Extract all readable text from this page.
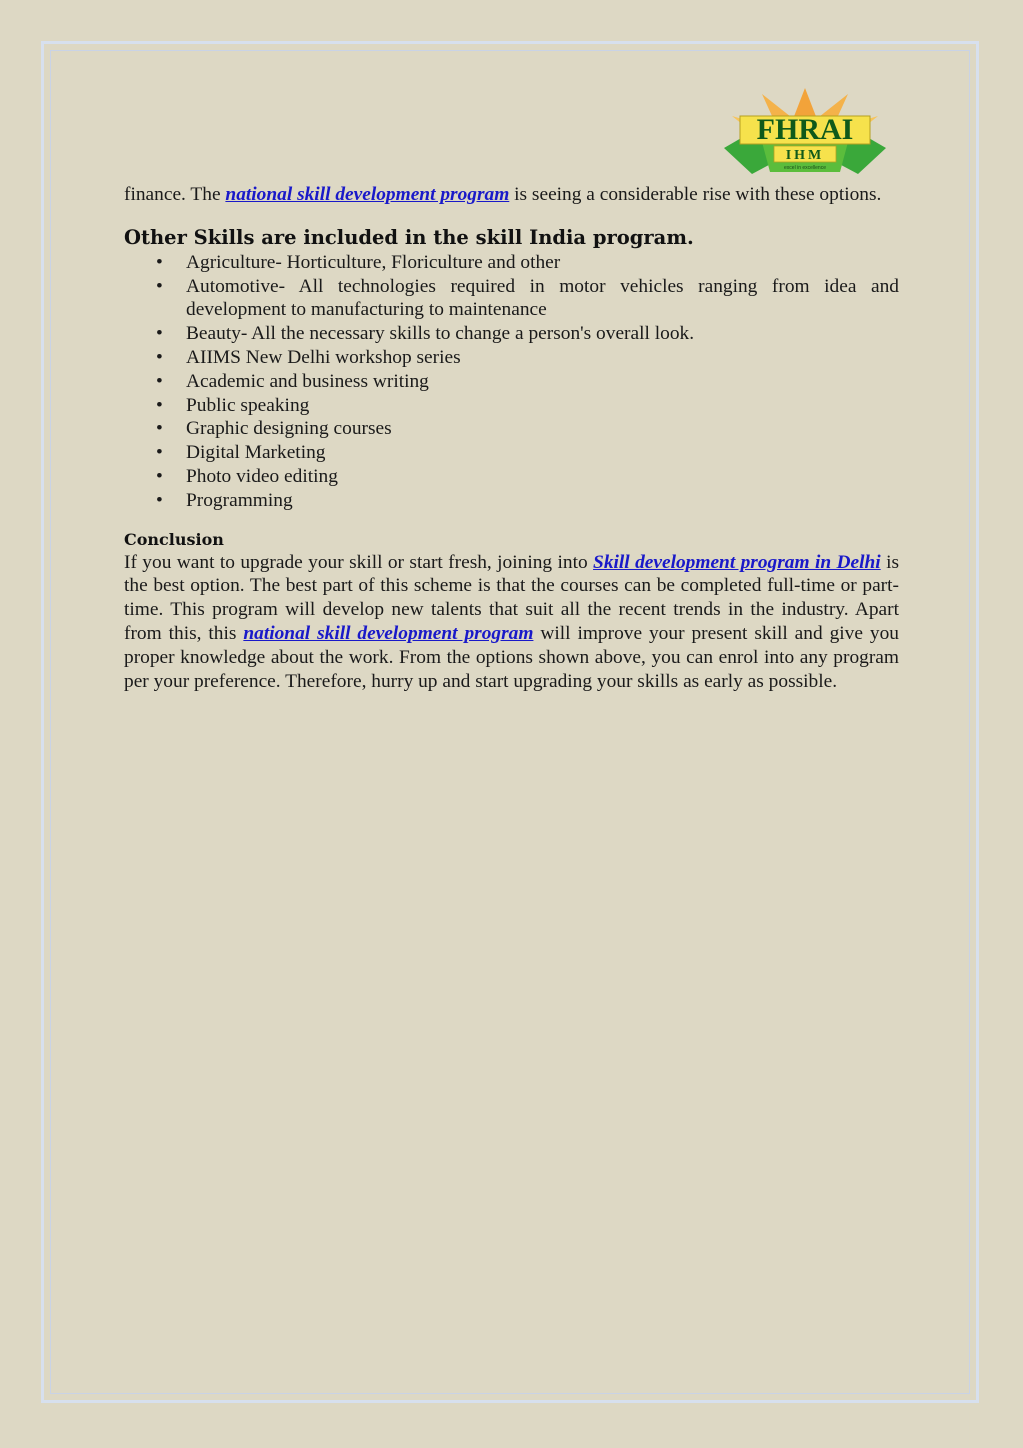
FHRAI
IHM
excel in excellence

finance. The national skill development program is seeing a considerable rise with these options.

Other Skills are included in the skill India program.
• Agriculture- Horticulture, Floriculture and other
• Automotive- All technologies required in motor vehicles ranging from idea and development to manufacturing to maintenance
• Beauty- All the necessary skills to change a person's overall look.
• AIIMS New Delhi workshop series
• Academic and business writing
• Public speaking
• Graphic designing courses
• Digital Marketing
• Photo video editing
• Programming
Conclusion

If you want to upgrade your skill or start fresh, joining into Skill development program in Delhi is the best option. The best part of this scheme is that the courses can be completed full-time or part-time. This program will develop new talents that suit all the recent trends in the industry. Apart from this, this national skill development program will improve your present skill and give you proper knowledge about the work. From the options shown above, you can enrol into any program per your preference. Therefore, hurry up and start upgrading your skills as early as possible.
